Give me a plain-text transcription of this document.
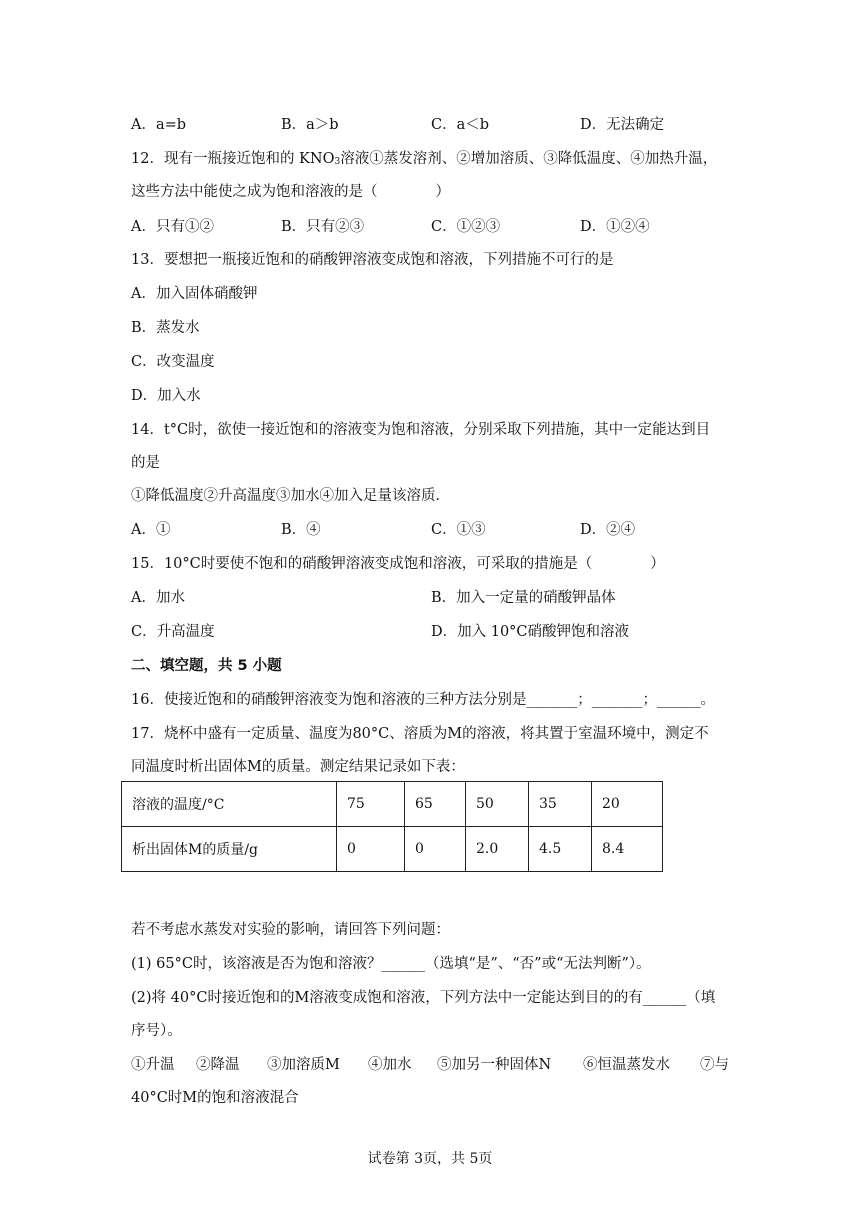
A．a=b	B．a＞b	C．a＜b	D．无法确定
12．现有一瓶接近饱和的 $KNO_3$溶液①蒸发溶剂、②增加溶质、③降低温度、④加热升温，
这些方法中能使之成为饱和溶液的是（　　　　）
A．只有①②	B．只有②③	C．①②③	D．①②④
13．要想把一瓶接近饱和的硝酸钾溶液变成饱和溶液，下列措施不可行的是
A．加入固体硝酸钾
B．蒸发水
C．改变温度
D．加入水
14．t°C时，欲使一接近饱和的溶液变为饱和溶液，分别采取下列措施，其中一定能达到目
的是
①降低温度②升高温度③加水④加入足量该溶质．
A．①	B．④	C．①③	D．②④
15．10°C时要使不饱和的硝酸钾溶液变成饱和溶液，可采取的措施是（　　　　）
A．加水	B．加入一定量的硝酸钾晶体
C．升高温度	D．加入 10°C硝酸钾饱和溶液
二、填空题，共 5 小题
16．使接近饱和的硝酸钾溶液变为饱和溶液的三种方法分别是_______；_______；______。
17．烧杯中盛有一定质量、温度为80°C、溶质为M的溶液，将其置于室温环境中，测定不
同温度时析出固体M的质量。测定结果记录如下表：
溶液的温度/°C	75	65	50	35	20
析出固体M的质量/g	0	0	2.0	4.5	8.4
若不考虑水蒸发对实验的影响，请回答下列问题：
(1) 65°C时，该溶液是否为饱和溶液？______（选填“是”、“否”或“无法判断”）。
(2)将 40°C时接近饱和的M溶液变成饱和溶液，下列方法中一定能达到目的的有______（填
序号）。
①升温 ②降温 ③加溶质M ④加水 ⑤加另一种固体N ⑥恒温蒸发水 ⑦与
40°C时M的饱和溶液混合
试卷第 3页，共 5页
